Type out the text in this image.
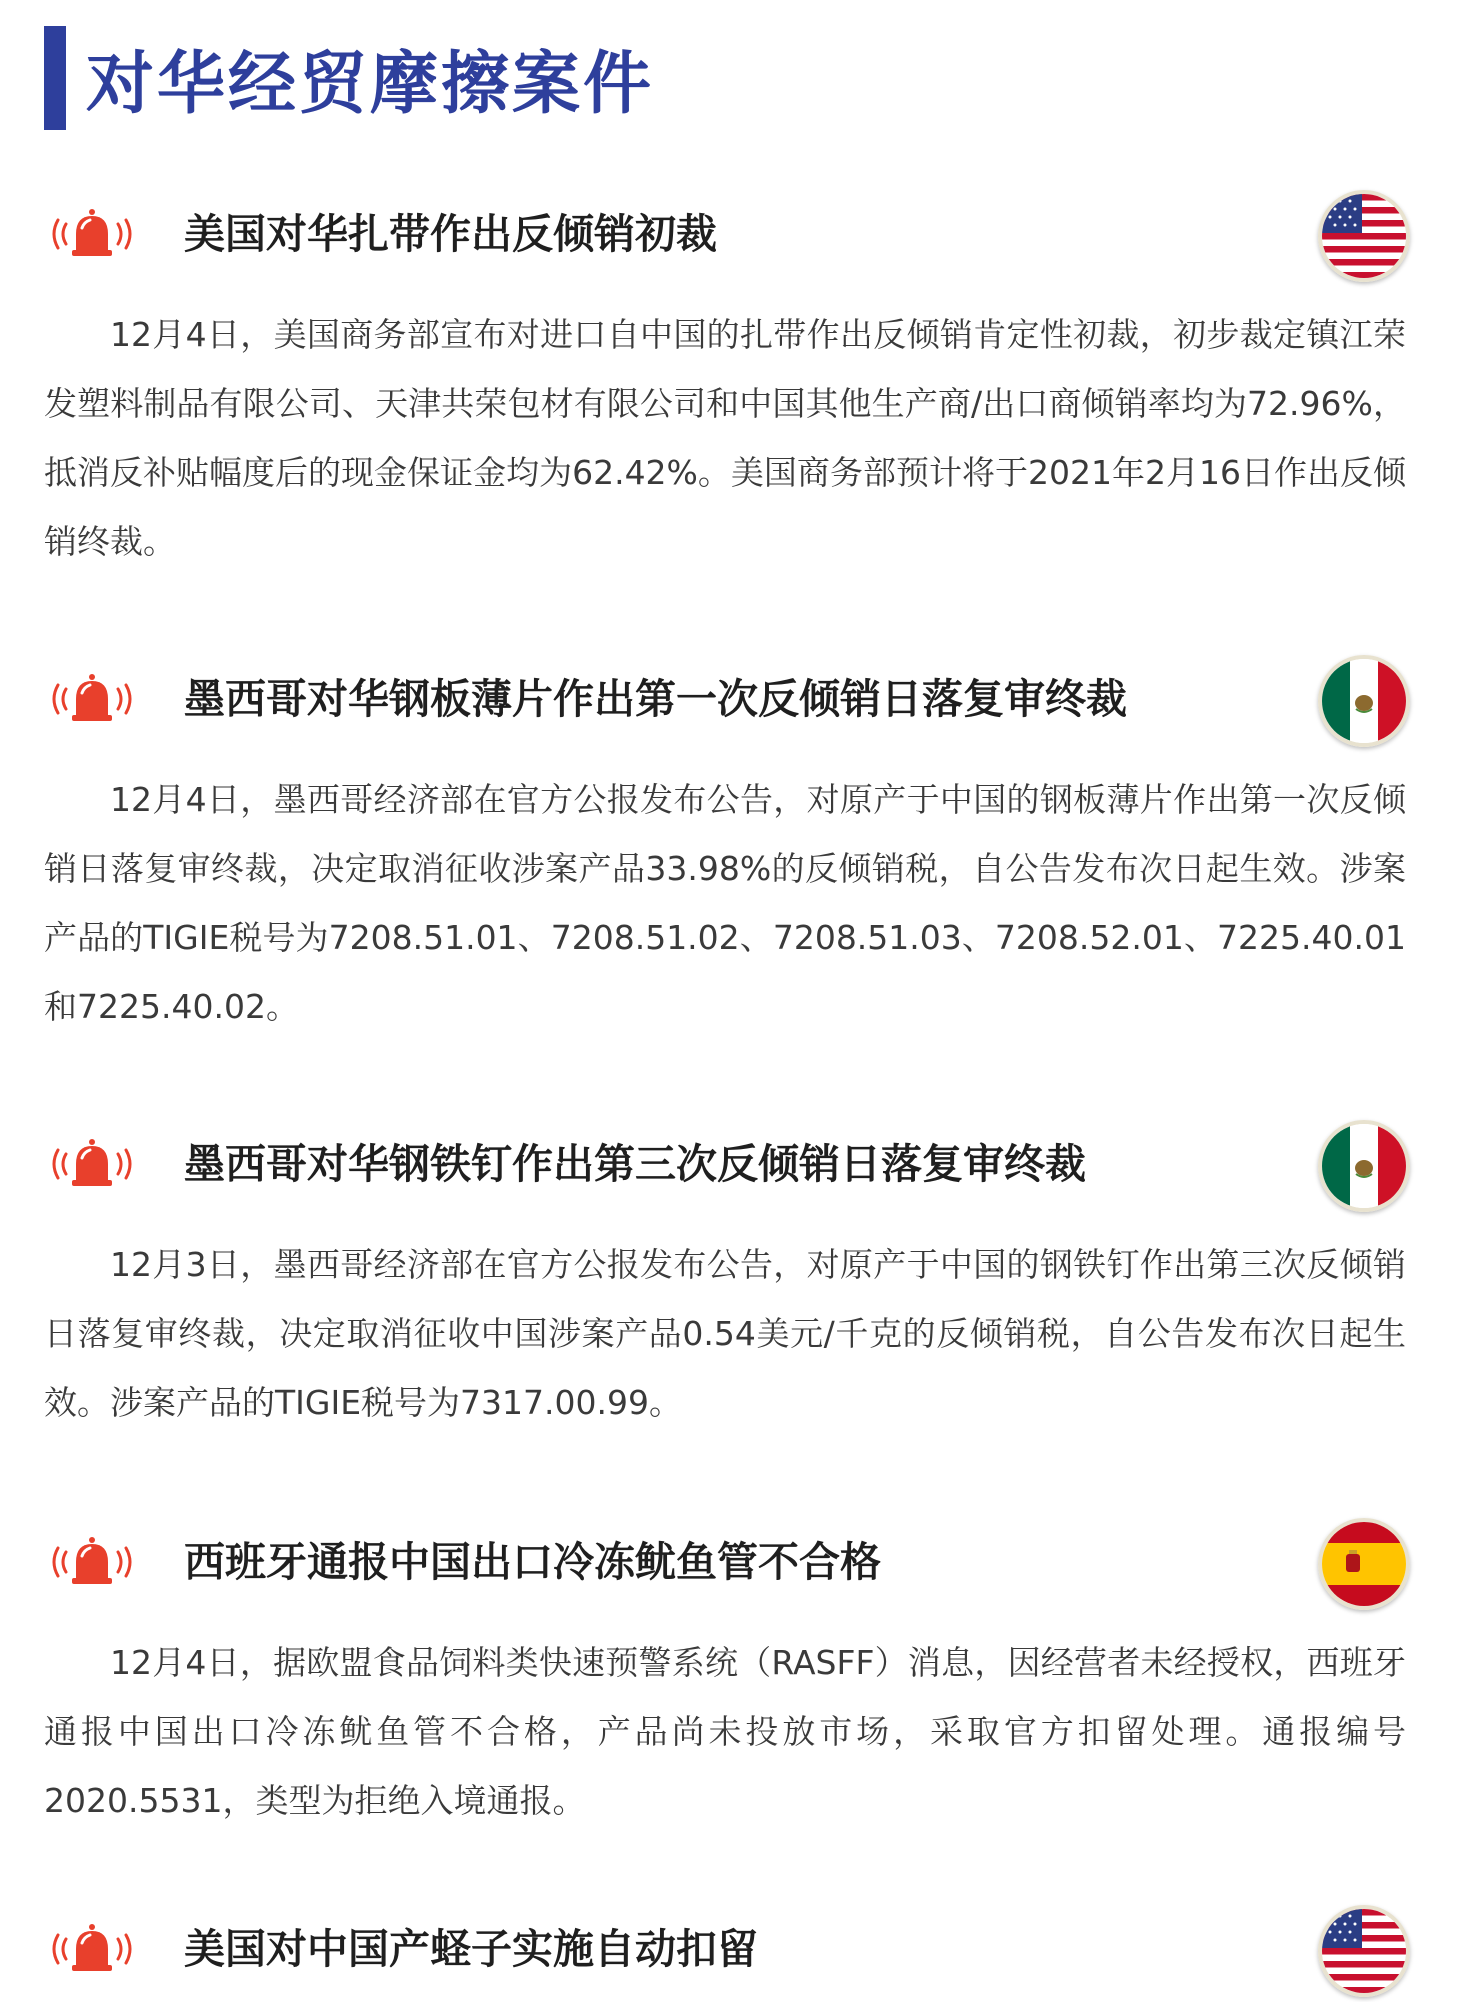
对华经贸摩擦案件
美国对华扎带作出反倾销初裁

12月4日，美国商务部宣布对进口自中国的扎带作出反倾销肯定性初裁，初步裁定镇江荣发塑料制品有限公司、天津共荣包材有限公司和中国其他生产商/出口商倾销率均为72.96%，抵消反补贴幅度后的现金保证金均为62.42%。美国商务部预计将于2021年2月16日作出反倾销终裁。

墨西哥对华钢板薄片作出第一次反倾销日落复审终裁

12月4日，墨西哥经济部在官方公报发布公告，对原产于中国的钢板薄片作出第一次反倾销日落复审终裁，决定取消征收涉案产品33.98%的反倾销税，自公告发布次日起生效。涉案产品的TIGIE税号为7208.51.01、7208.51.02、7208.51.03、7208.52.01、7225.40.01和7225.40.02。

墨西哥对华钢铁钉作出第三次反倾销日落复审终裁

12月3日，墨西哥经济部在官方公报发布公告，对原产于中国的钢铁钉作出第三次反倾销日落复审终裁，决定取消征收中国涉案产品0.54美元/千克的反倾销税，自公告发布次日起生效。涉案产品的TIGIE税号为7317.00.99。

西班牙通报中国出口冷冻鱿鱼管不合格

12月4日，据欧盟食品饲料类快速预警系统（RASFF）消息，因经营者未经授权，西班牙通报中国出口冷冻鱿鱼管不合格，产品尚未投放市场，采取官方扣留处理。通报编号2020.5531，类型为拒绝入境通报。

美国对中国产蛏子实施自动扣留
